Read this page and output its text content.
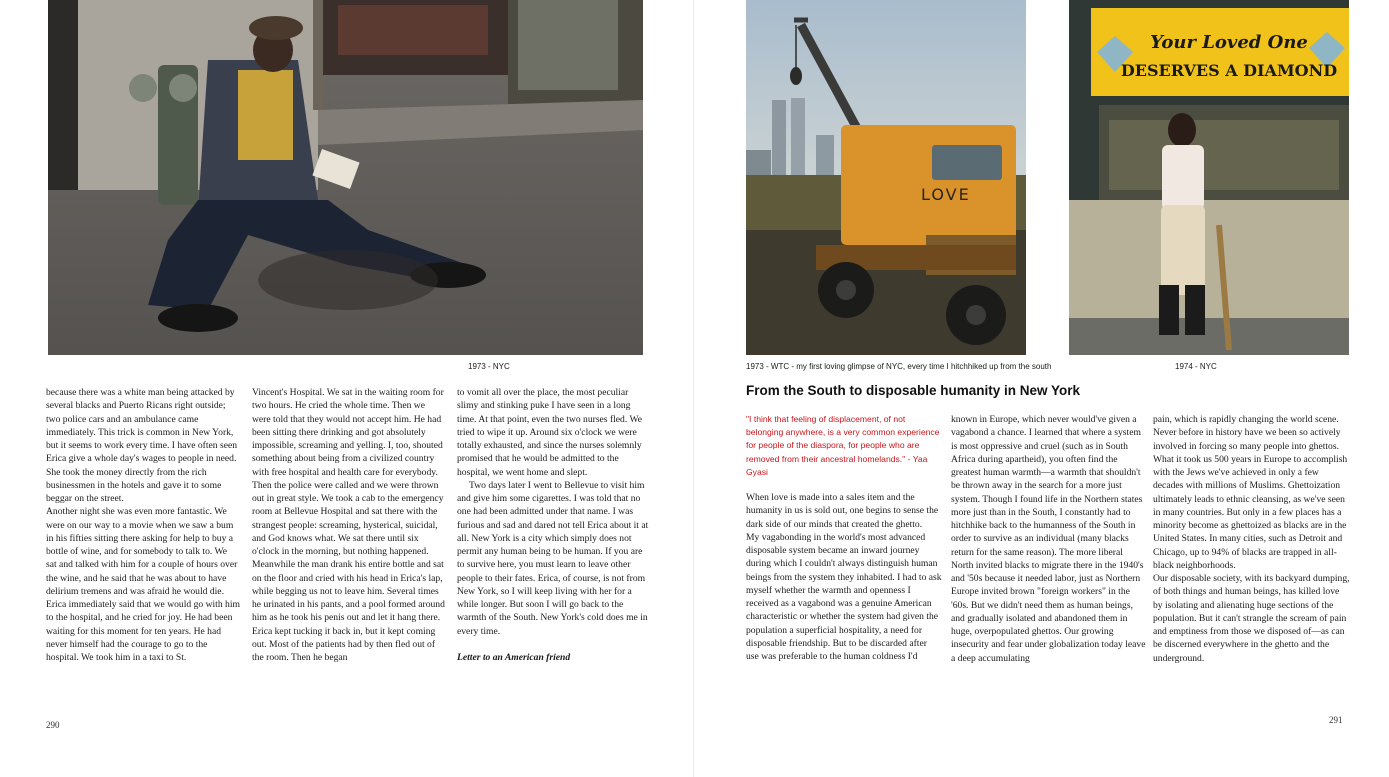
1973 - NYC

because there was a white man being attacked by several blacks and Puerto Ricans right outside; two police cars and an ambulance came immediately. This trick is common in New York, but it seems to work every time. I have often seen Erica give a whole day's wages to people in need. She took the money directly from the rich businessmen in the hotels and gave it to some beggar on the street.

Another night she was even more fantastic. We were on our way to a movie when we saw a bum in his fifties sitting there asking for help to buy a bottle of wine, and for somebody to talk to. We sat and talked with him for a couple of hours over the wine, and he said that he was about to have delirium tremens and was afraid he would die. Erica immediately said that we would go with him to the hospital, and he cried for joy. He had been waiting for this moment for ten years. He had never himself had the courage to go to the hospital. We took him in a taxi to St.

Vincent's Hospital. We sat in the waiting room for two hours. He cried the whole time. Then we were told that they would not accept him. He had been sitting there drinking and got absolutely impossible, screaming and yelling. I, too, shouted something about being from a civilized country with free hospital and health care for everybody. Then the police were called and we were thrown out in great style. We took a cab to the emergency room at Bellevue Hospital and sat there with the strangest people: screaming, hysterical, suicidal, and God knows what. We sat there until six o'clock in the morning, but nothing happened. Meanwhile the man drank his entire bottle and sat on the floor and cried with his head in Erica's lap, while begging us not to leave him. Several times he urinated in his pants, and a pool formed around him as he took his penis out and let it hang there. Erica kept tucking it back in, but it kept coming out. Most of the patients had by then fled out of the room. Then he began

to vomit all over the place, the most peculiar slimy and stinking puke I have seen in a long time. At that point, even the two nurses fled. We tried to wipe it up. Around six o'clock we were totally exhausted, and since the nurses solemnly promised that he would be admitted to the hospital, we went home and slept.

Two days later I went to Bellevue to visit him and give him some cigarettes. I was told that no one had been admitted under that name. I was furious and sad and dared not tell Erica about it at all. New York is a city which simply does not permit any human being to be human. If you are to survive here, you must learn to leave other people to their fates. Erica, of course, is not from New York, so I will keep living with her for a while longer. But soon I will go back to the warmth of the South. New York's cold does me in every time.

Letter to an American friend

290
LOVE
Your Loved One
DESERVES A DIAMOND
1973 - WTC - my first loving glimpse of NYC, every time I hitchhiked up from the south	1974 - NYC
From the South to disposable humanity in New York

"I think that feeling of displacement, of not belonging anywhere, is a very common experience for people of the diaspora, for people who are removed from their ancestral homelands." - Yaa Gyasi

When love is made into a sales item and the humanity in us is sold out, one begins to sense the dark side of our minds that created the ghetto.

My vagabonding in the world's most advanced disposable system became an inward journey during which I couldn't always distinguish human beings from the system they inhabited. I had to ask myself whether the warmth and openness I received as a vagabond was a genuine American characteristic or whether the system had given the population a superficial hospitality, a need for disposable friendship. But to be discarded after use was preferable to the human coldness I'd

known in Europe, which never would've given a vagabond a chance. I learned that where a system is most oppressive and cruel (such as in South Africa during apartheid), you often find the greatest human warmth—a warmth that shouldn't be thrown away in the search for a more just system. Though I found life in the Northern states more just than in the South, I constantly had to hitchhike back to the humanness of the South in order to survive as an individual (many blacks return for the same reason). The more liberal North invited blacks to migrate there in the 1940's and '50s because it needed labor, just as Northern Europe invited brown "foreign workers" in the '60s. But we didn't need them as human beings, and gradually isolated and abandoned them in huge, overpopulated ghettos. Our growing insecurity and fear under globalization today leave a deep accumulating

pain, which is rapidly changing the world scene. Never before in history have we been so actively involved in forcing so many people into ghettos. What it took us 500 years in Europe to accomplish with the Jews we've achieved in only a few decades with millions of Muslims. Ghettoization ultimately leads to ethnic cleansing, as we've seen in many countries. But only in a few places has a minority become as ghettoized as blacks are in the United States. In many cities, such as Detroit and Chicago, up to 94% of blacks are trapped in all-black neighborhoods.

Our disposable society, with its backyard dumping, of both things and human beings, has killed love by isolating and alienating huge sections of the population. But it can't strangle the scream of pain and emptiness from those we disposed of—as can be discerned everywhere in the ghetto and the underground.

291
